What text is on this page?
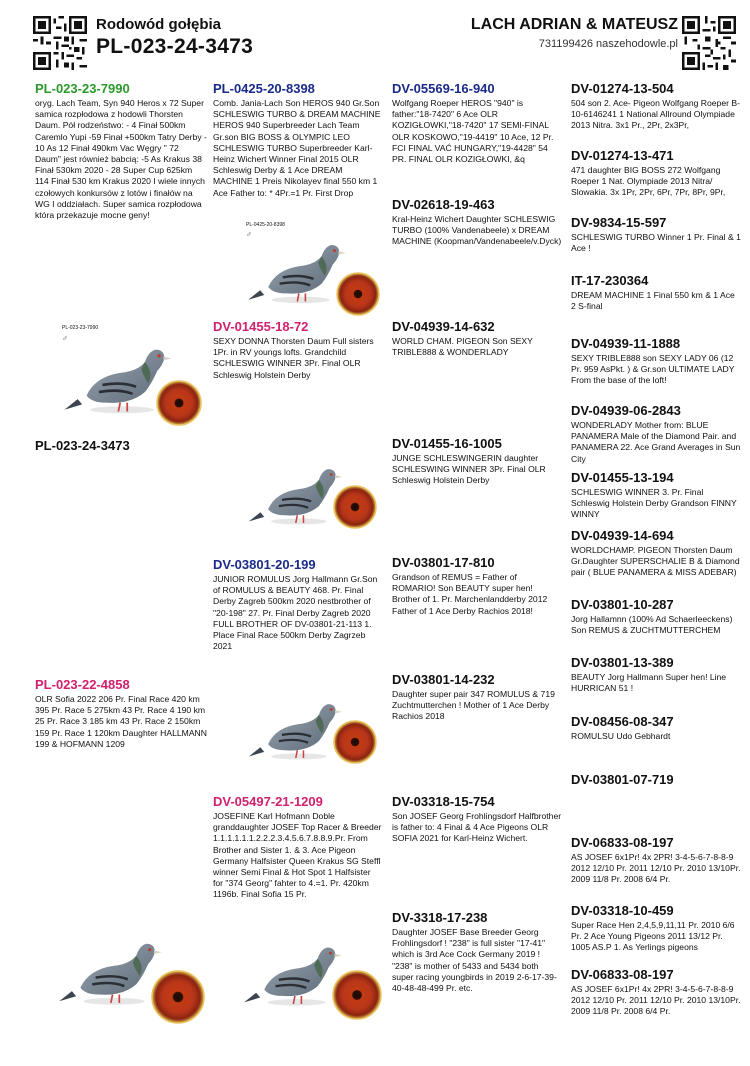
Rodowód gołębia
PL-023-24-3473
LACH ADRIAN & MATEUSZ
731199426 naszehodowle.pl
PL-023-23-7990
oryg. Lach Team, Syn 940 Heros x 72 Super samica rozpłodowa z hodowli Thorsten Daum. Pół rodzeństwo: - 4 Finał 500km Caremlo Yupi -59 Finał +500km Tatry Derby - 10 As 12 Finał 490km Vac Węgry " 72 Daum" jest również babcią: -5 As Krakus 38 Finał 530km 2020 - 28 Super Cup 625km 114 Finał 530 km Krakus 2020 I wiele innych czołowych konkursów z lotów i finałów na WG I oddziałach. Super samica rozpłodowa która przekazuje mocne geny!
PL-023-23-7990
♂
PL-023-24-3473
PL-023-22-4858
OLR Sofia 2022 206 Pr. Final Race 420 km 395 Pr. Race 5 275km 43 Pr. Race 4 190 km 25 Pr. Race 3 185 km 43 Pr. Race 2 150km 159 Pr. Race 1 120km Daughter HALLMANN 199 & HOFMANN 1209
PL-0425-20-8398
Comb. Jania-Lach Son HEROS 940 Gr.Son SCHLESWIG TURBO & DREAM MACHINE HEROS 940 Superbreeder Lach Team Gr.son BIG BOSS & OLYMPIC LEO SCHLESWIG TURBO Superbreeder Karl-Heinz Wichert Winner Final 2015 OLR Schleswig Derby & 1 Ace DREAM MACHINE 1 Preis Nikolayev final 550 km 1 Ace Father to: * 4Pr.=1 Pr. First Drop
PL-0425-20-8398
♂
DV-01455-18-72
SEXY DONNA Thorsten Daum Full sisters 1Pr. in RV youngs lofts. Grandchild SCHLESWIG WINNER 3Pr. Final OLR Schleswig Holstein Derby
DV-03801-20-199
JUNIOR ROMULUS Jorg Hallmann Gr.Son of ROMULUS & BEAUTY 468. Pr. Final Derby Zagreb 500km 2020 nestbrother of "20-198" 27. Pr. Final Derby Zagreb 2020 FULL BROTHER OF DV-03801-21-113 1. Place Final Race 500km Derby Zagrzeb 2021
DV-05497-21-1209
JOSEFINE Karl Hofmann Doble granddaughter JOSEF Top Racer & Breeder 1.1.1.1.1.1.2.2.2.3.4.5.6.7.8.8.9.Pr. From Brother and Sister 1. & 3. Ace Pigeon Germany Halfsister Queen Krakus SG Steffl winner Semi Final & Hot Spot 1 Halfsister for "374 Georg" fahter to 4.=1. Pr. 420km 1196b. Final Sofia 15 Pr.
DV-05569-16-940
Wolfgang Roeper HEROS "940" is father:"18-7420" 6 Ace OLR KOZIGŁOWKI,"18-7420" 17 SEMI-FINAL OLR KOSKOWO,"19-4419" 10 Ace, 12 Pr. FCI FINAL VAĆ HUNGARY,"19-4428" 54 PR. FINAL OLR KOZIGŁOWKI, &q
DV-02618-19-463
Kral-Heinz Wichert Daughter SCHLESWIG TURBO (100% Vandenabeele) x DREAM MACHINE (Koopman/Vandenabeele/v.Dyck)
DV-04939-14-632
WORLD CHAM. PIGEON Son SEXY TRIBLE888 & WONDERLADY
DV-01455-16-1005
JUNGE SCHLESWINGERIN daughter SCHLESWING WINNER 3Pr. Final OLR Schleswig Holstein Derby
DV-03801-17-810
Grandson of REMUS = Father of ROMARIO! Son BEAUTY super hen! Brother of 1. Pr. Marchenlandderby 2012 Father of 1 Ace Derby Rachios 2018!
DV-03801-14-232
Daughter super pair 347 ROMULUS & 719 Zuchtmutterchen ! Mother of 1 Ace Derby Rachios 2018
DV-03318-15-754
Son JOSEF Georg Frohlingsdorf Halfbrother is father to: 4 Final & 4 Ace Pigeons OLR SOFIA 2021 for Karl-Heinz Wichert.
DV-3318-17-238
Daughter JOSEF Base Breeder Georg Frohlingsdorf ! "238" is full sister "17-41" which is 3rd Ace Cock Germany 2019 ! "238" is mother of 5433 and 5434 both super racing youngbirds in 2019 2-6-17-39-40-48-48-499 Pr. etc.
DV-01274-13-504
504 son 2. Ace- Pigeon Wolfgang Roeper B-10-6146241 1 National Allround Olympiade 2013 Nitra. 3x1 Pr., 2Pr, 2x3Pr,
DV-01274-13-471
471 daughter BIG BOSS 272 Wolfgang Roeper 1 Nat. Olympiade 2013 Nitra/ Slowakia. 3x 1Pr, 2Pr, 6Pr, 7Pr, 8Pr, 9Pr,
DV-9834-15-597
SCHLESWIG TURBO Winner 1 Pr. Final & 1 Ace !
IT-17-230364
DREAM MACHINE 1 Final 550 km & 1 Ace 2 S-final
DV-04939-11-1888
SEXY TRIBLE888 son SEXY LADY 06 (12 Pr. 959 AsPkt. ) & Gr.son ULTIMATE LADY From the base of the loft!
DV-04939-06-2843
WONDERLADY Mother from: BLUE PANAMERA Male of the Diamond Pair. and PANAMERA 22. Ace Grand Averages in Sun City
DV-01455-13-194
SCHLESWIG WINNER 3. Pr. Final Schleswig Holstein Derby Grandson FINNY WINNY
DV-04939-14-694
WORLDCHAMP. PIGEON Thorsten Daum Gr.Daughter SUPERSCHALIE B & Diamond pair ( BLUE PANAMERA & MISS ADEBAR)
DV-03801-10-287
Jorg Hallamnn (100% Ad Schaerleeckens) Son REMUS & ZUCHTMUTTERCHEM
DV-03801-13-389
BEAUTY Jorg Hallmann Super hen! Line HURRICAN 51 !
DV-08456-08-347
ROMULSU Udo Gebhardt
DV-03801-07-719
DV-06833-08-197
AS JOSEF 6x1Pr! 4x 2PR! 3-4-5-6-7-8-8-9 2012 12/10 Pr. 2011 12/10 Pr. 2010 13/10Pr. 2009 11/8 Pr. 2008 6/4 Pr.
DV-03318-10-459
Super Race Hen 2,4,5,9,11,11 Pr. 2010 6/6 Pr. 2 Ace Young Pigeons 2011 13/12 Pr. 1005 AS.P 1. As Yerlings pigeons
DV-06833-08-197
AS JOSEF 6x1Pr! 4x 2PR! 3-4-5-6-7-8-8-9 2012 12/10 Pr. 2011 12/10 Pr. 2010 13/10Pr. 2009 11/8 Pr. 2008 6/4 Pr.
